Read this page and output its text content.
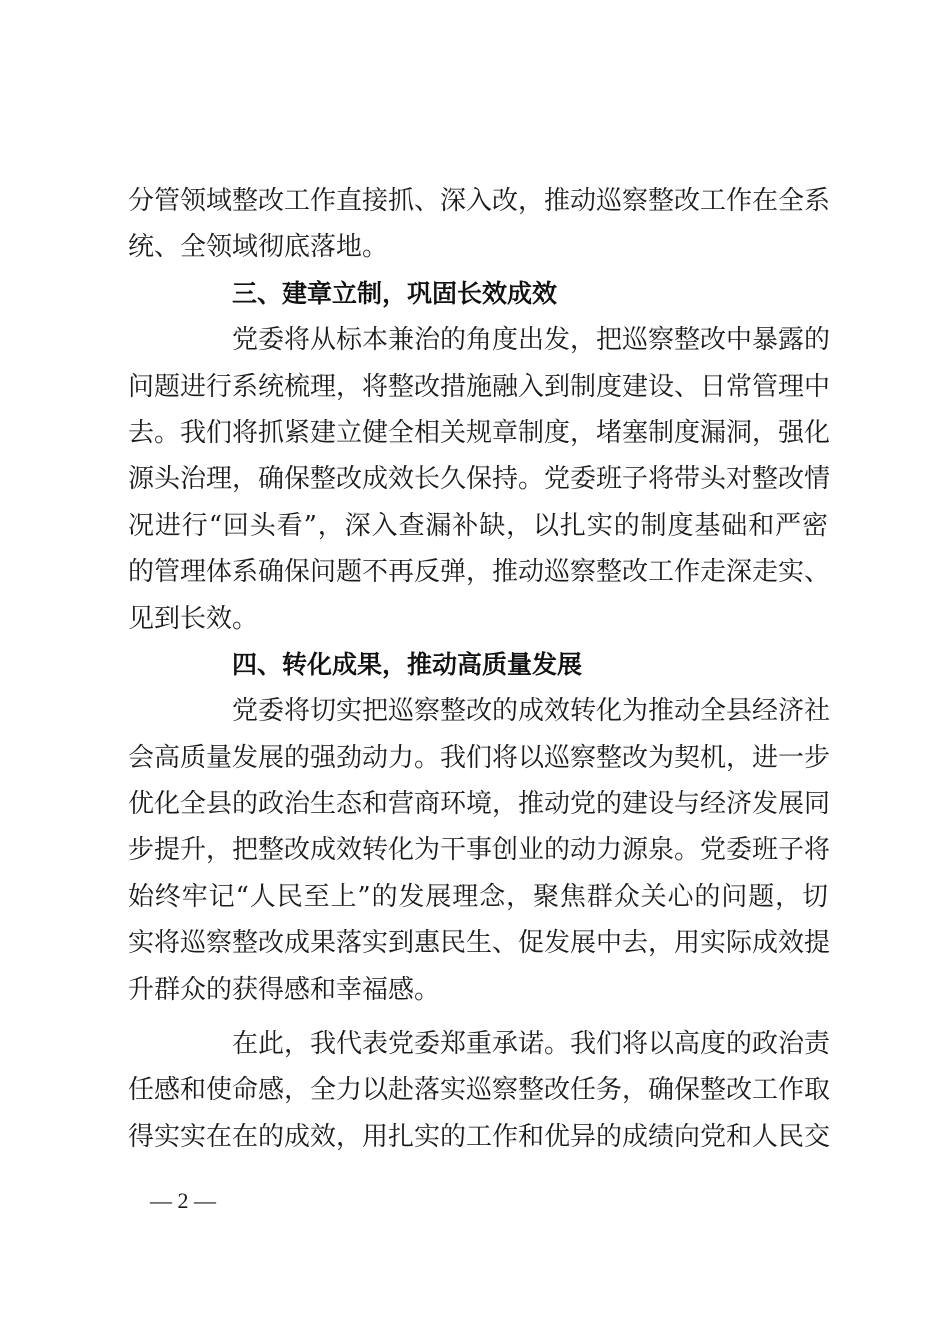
分管领域整改工作直接抓、深入改，推动巡察整改工作在全系
统、全领域彻底落地。
三、建章立制，巩固长效成效
党委将从标本兼治的角度出发，把巡察整改中暴露的
问题进行系统梳理，将整改措施融入到制度建设、日常管理中
去。我们将抓紧建立健全相关规章制度，堵塞制度漏洞，强化
源头治理，确保整改成效长久保持。党委班子将带头对整改情
况进行“回头看”，深入查漏补缺，以扎实的制度基础和严密
的管理体系确保问题不再反弹，推动巡察整改工作走深走实、
见到长效。
四、转化成果，推动高质量发展
党委将切实把巡察整改的成效转化为推动全县经济社
会高质量发展的强劲动力。我们将以巡察整改为契机，进一步
优化全县的政治生态和营商环境，推动党的建设与经济发展同
步提升，把整改成效转化为干事创业的动力源泉。党委班子将
始终牢记“人民至上”的发展理念，聚焦群众关心的问题，切
实将巡察整改成果落实到惠民生、促发展中去，用实际成效提
升群众的获得感和幸福感。
在此，我代表党委郑重承诺。我们将以高度的政治责
任感和使命感，全力以赴落实巡察整改任务，确保整改工作取
得实实在在的成效，用扎实的工作和优异的成绩向党和人民交
— 2 —
